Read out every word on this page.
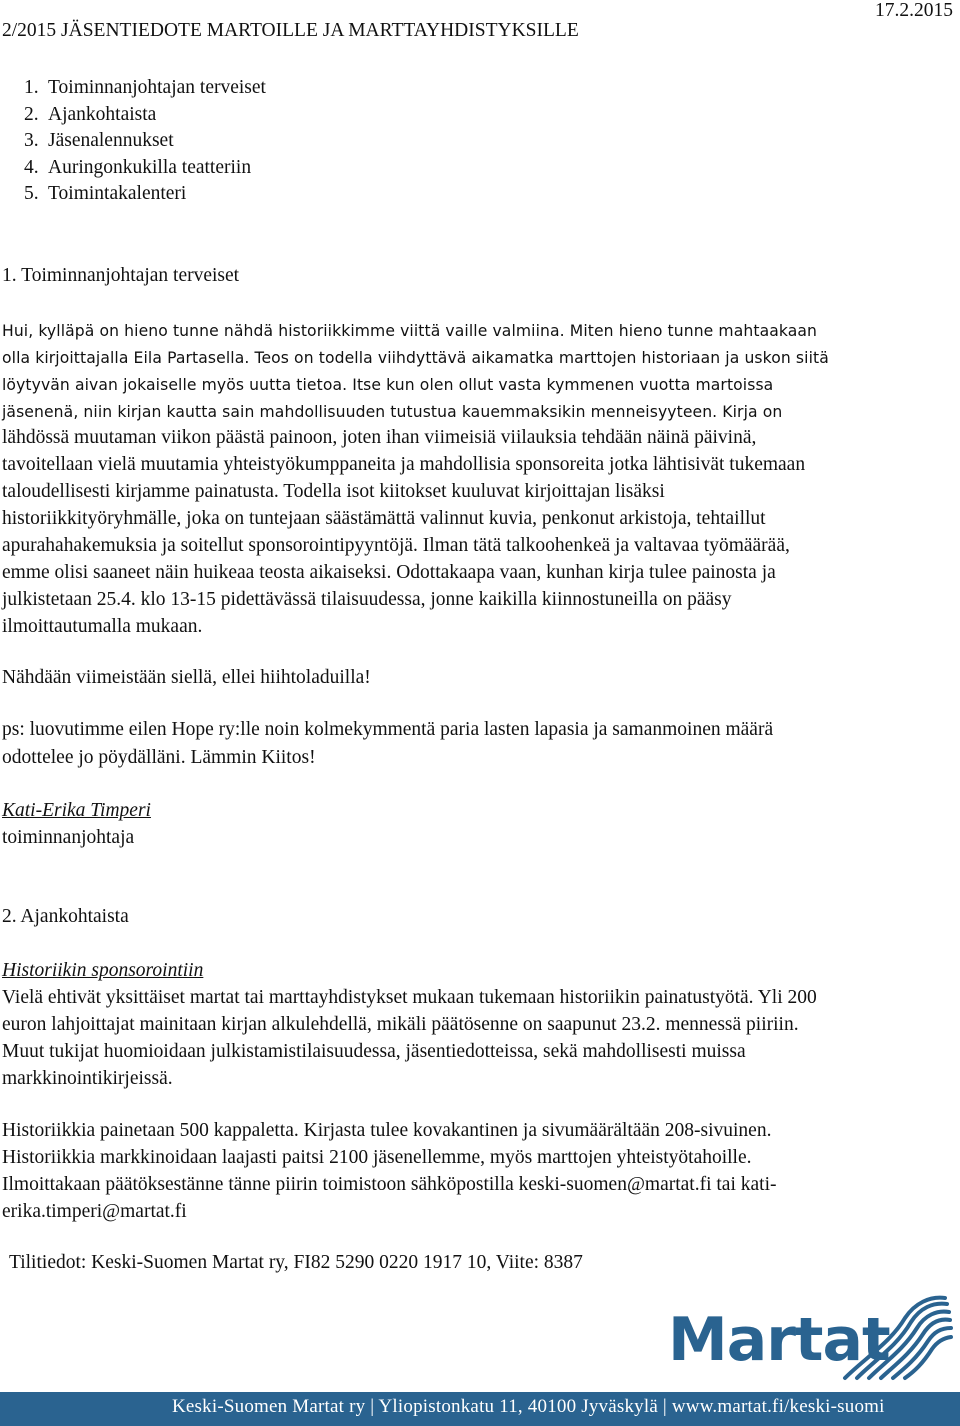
2/2015 JÄSENTIEDOTE MARTOILLE JA MARTTAYHDISTYKSILLE
17.2.2015
1. Toiminnanjohtajan terveiset
2. Ajankohtaista
3. Jäsenalennukset
4. Auringonkukilla teatteriin
5. Toimintakalenteri
1. Toiminnanjohtajan terveiset
Hui, kylläpä on hieno tunne nähdä historiikkimme viittä vaille valmiina. Miten hieno tunne mahtaakaan
olla kirjoittajalla Eila Partasella. Teos on todella viihdyttävä aikamatka marttojen historiaan ja uskon siitä
löytyvän aivan jokaiselle myös uutta tietoa. Itse kun olen ollut vasta kymmenen vuotta martoissa
jäsenenä, niin kirjan kautta sain mahdollisuuden tutustua kauemmaksikin menneisyyteen. Kirja on
lähdössä muutaman viikon päästä painoon, joten ihan viimeisiä viilauksia tehdään näinä päivinä,
tavoitellaan vielä muutamia yhteistyökumppaneita ja mahdollisia sponsoreita jotka lähtisivät tukemaan
taloudellisesti kirjamme painatusta. Todella isot kiitokset kuuluvat kirjoittajan lisäksi
historiikkityöryhmälle, joka on tuntejaan säästämättä valinnut kuvia, penkonut arkistoja, tehtaillut
apurahahakemuksia ja soitellut sponsorointipyyntöjä. Ilman tätä talkoohenkeä ja valtavaa työmäärää,
emme olisi saaneet näin huikeaa teosta aikaiseksi. Odottakaapa vaan, kunhan kirja tulee painosta ja
julkistetaan 25.4. klo 13-15 pidettävässä tilaisuudessa, jonne kaikilla kiinnostuneilla on pääsy
ilmoittautumalla mukaan.
Nähdään viimeistään siellä, ellei hiihtoladuilla!
ps: luovutimme eilen Hope ry:lle noin kolmekymmentä paria lasten lapasia ja samanmoinen määrä
odottelee jo pöydälläni. Lämmin Kiitos!
Kati-Erika Timperi
toiminnanjohtaja
2. Ajankohtaista
Historiikin sponsorointiin
Vielä ehtivät yksittäiset martat tai marttayhdistykset mukaan tukemaan historiikin painatustyötä. Yli 200
euron lahjoittajat mainitaan kirjan alkulehdellä, mikäli päätösenne on saapunut 23.2. mennessä piiriin.
Muut tukijat huomioidaan julkistamistilaisuudessa, jäsentiedotteissa, sekä mahdollisesti muissa
markkinointikirjeissä.
Historiikkia painetaan 500 kappaletta. Kirjasta tulee kovakantinen ja sivumäärältään 208-sivuinen.
Historiikkia markkinoidaan laajasti paitsi 2100 jäsenellemme, myös marttojen yhteistyötahoille.
Ilmoittakaan päätöksestänne tänne piirin toimistoon sähköpostilla keski-suomen@martat.fi tai kati-
erika.timperi@martat.fi
Tilitiedot: Keski-Suomen Martat ry, FI82 5290 0220 1917 10, Viite: 8387
Martat
Keski-Suomen Martat ry | Yliopistonkatu 11, 40100 Jyväskylä | www.martat.fi/keski-suomi
